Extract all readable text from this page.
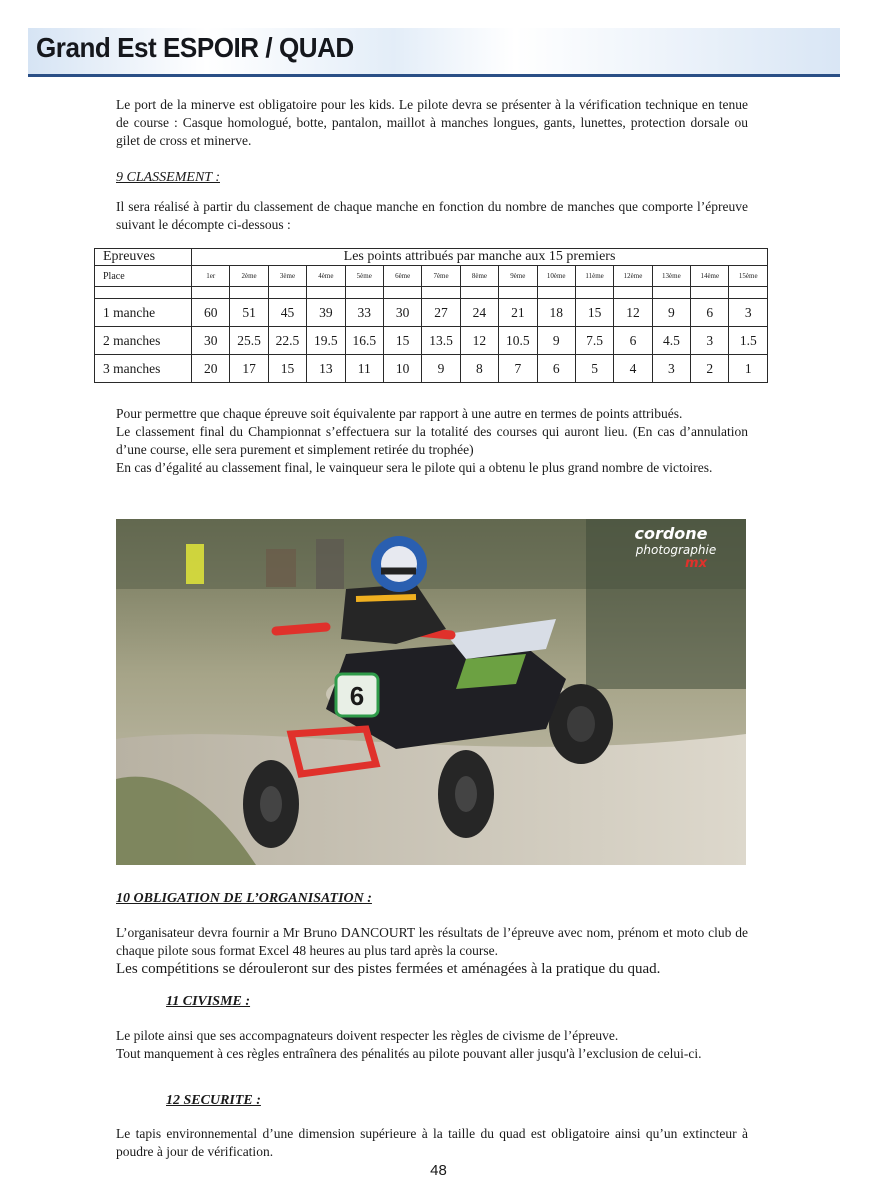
Grand Est ESPOIR / QUAD

Le port de la minerve est obligatoire pour les kids. Le pilote devra se présenter à la vérification technique en tenue de course : Casque homologué, botte, pantalon, maillot à manches longues, gants, lunettes, protection dorsale ou gilet de cross et minerve.

9 CLASSEMENT :

Il sera réalisé à partir du classement de chaque manche en fonction du nombre de manches que comporte l’épreuve suivant le décompte ci-dessous :

Epreuves	Les points attribués par manche aux 15 premiers														
Place	1er	2ème	3ème	4ème	5ème	6ème	7ème	8ème	9ème	10ème	11ème	12ème	13ème	14ème	15ème

1 manche	60	51	45	39	33	30	27	24	21	18	15	12	9	6	3
2 manches	30	25.5	22.5	19.5	16.5	15	13.5	12	10.5	9	7.5	6	4.5	3	1.5
3 manches	20	17	15	13	11	10	9	8	7	6	5	4	3	2	1

Pour permettre que chaque épreuve soit équivalente par rapport à une autre en termes de points attribués.

Le classement final du Championnat s’effectuera sur la totalité des courses qui auront lieu. (En cas d’annulation d’une course, elle sera purement et simplement retirée du trophée)

En cas d’égalité au classement final, le vainqueur sera le pilote qui a obtenu le plus grand nombre de victoires.

6
cordone
photographie
mx
10 OBLIGATION DE L’ORGANISATION :

L’organisateur devra fournir a Mr Bruno DANCOURT les résultats de l’épreuve avec nom, prénom et moto club de chaque pilote sous format Excel 48 heures au plus tard après la course.

Les compétitions se dérouleront sur des pistes fermées et aménagées à la pratique du quad.

11 CIVISME :

Le pilote ainsi que ses accompagnateurs doivent respecter les règles de civisme de l’épreuve.

Tout manquement à ces règles entraînera des pénalités au pilote pouvant aller jusqu'à l’exclusion de celui-ci.

12 SECURITE :

Le tapis environnemental d’une dimension supérieure à la taille du quad est obligatoire ainsi qu’un extincteur à poudre à jour de vérification.

48
